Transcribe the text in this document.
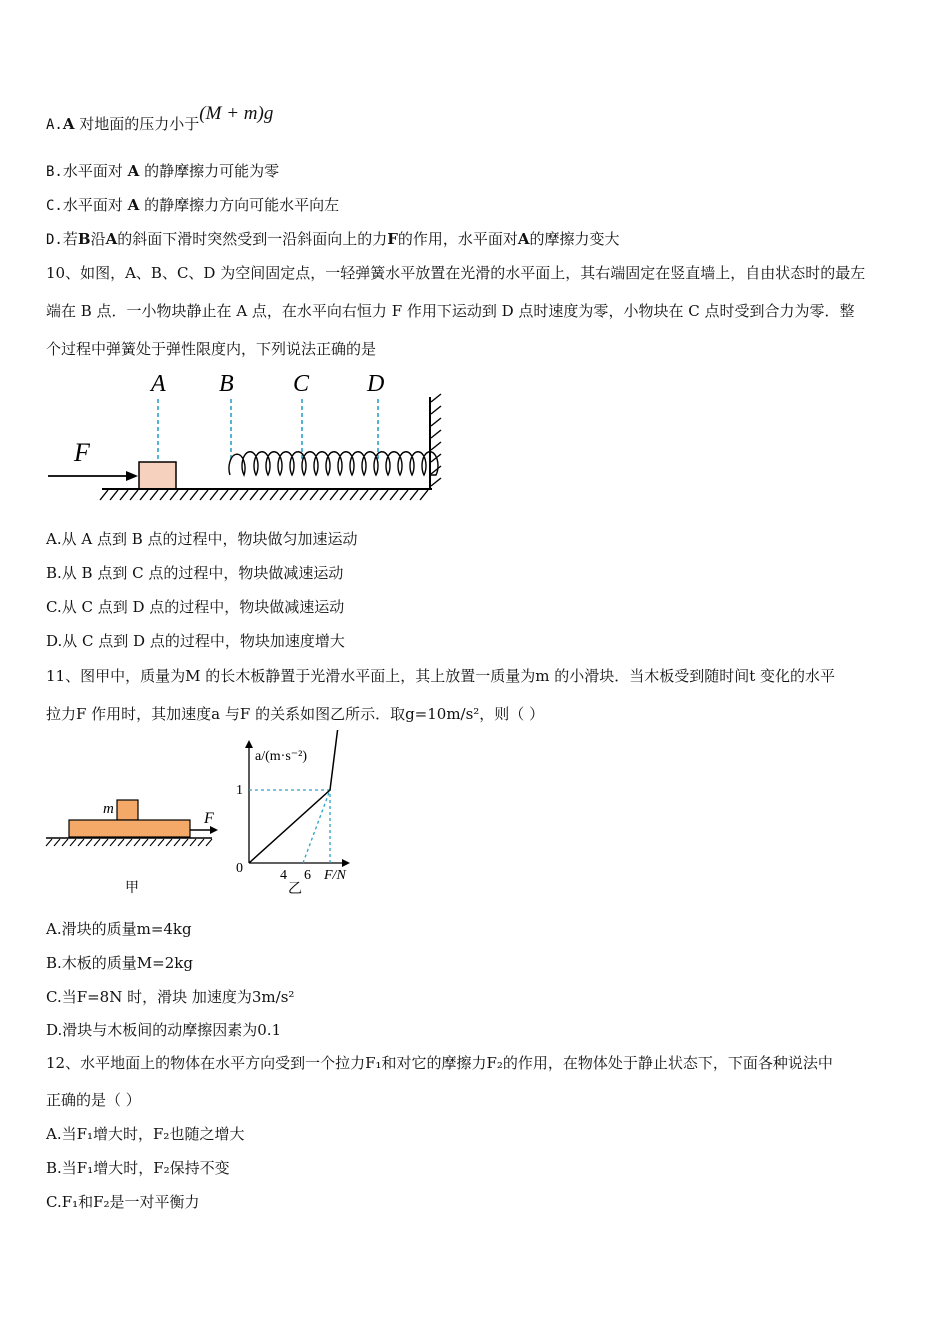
A.A 对地面的压力小于(M + m)g
B.水平面对 A 的静摩擦力可能为零
C.水平面对 A 的静摩擦力方向可能水平向左
D.若B沿A的斜面下滑时突然受到一沿斜面向上的力F的作用，水平面对A的摩擦力变大
10、如图，A、B、C、D 为空间固定点，一轻弹簧水平放置在光滑的水平面上，其右端固定在竖直墙上，自由状态时的最左
端在 B 点．一小物块静止在 A 点，在水平向右恒力 F 作用下运动到 D 点时速度为零，小物块在 C 点时受到合力为零．整
个过程中弹簧处于弹性限度内，下列说法正确的是
A B C D
F
A.从 A 点到 B 点的过程中，物块做匀加速运动
B.从 B 点到 C 点的过程中，物块做减速运动
C.从 C 点到 D 点的过程中，物块做减速运动
D.从 C 点到 D 点的过程中，物块加速度增大
11、图甲中，质量为M 的长木板静置于光滑水平面上，其上放置一质量为m 的小滑块．当木板受到随时间t 变化的水平
拉力F 作用时，其加速度a 与F 的关系如图乙所示．取g=10m/s²，则（ ）
m
F
甲
a/(m·s⁻²)
1
0	4 6 F/N
乙
A.滑块的质量m=4kg
B.木板的质量M=2kg
C.当F=8N 时，滑块 加速度为3m/s²
D.滑块与木板间的动摩擦因素为0.1
12、水平地面上的物体在水平方向受到一个拉力F₁和对它的摩擦力F₂的作用，在物体处于静止状态下，下面各种说法中
正确的是（ ）
A.当F₁增大时，F₂也随之增大
B.当F₁增大时，F₂保持不变
C.F₁和F₂是一对平衡力
